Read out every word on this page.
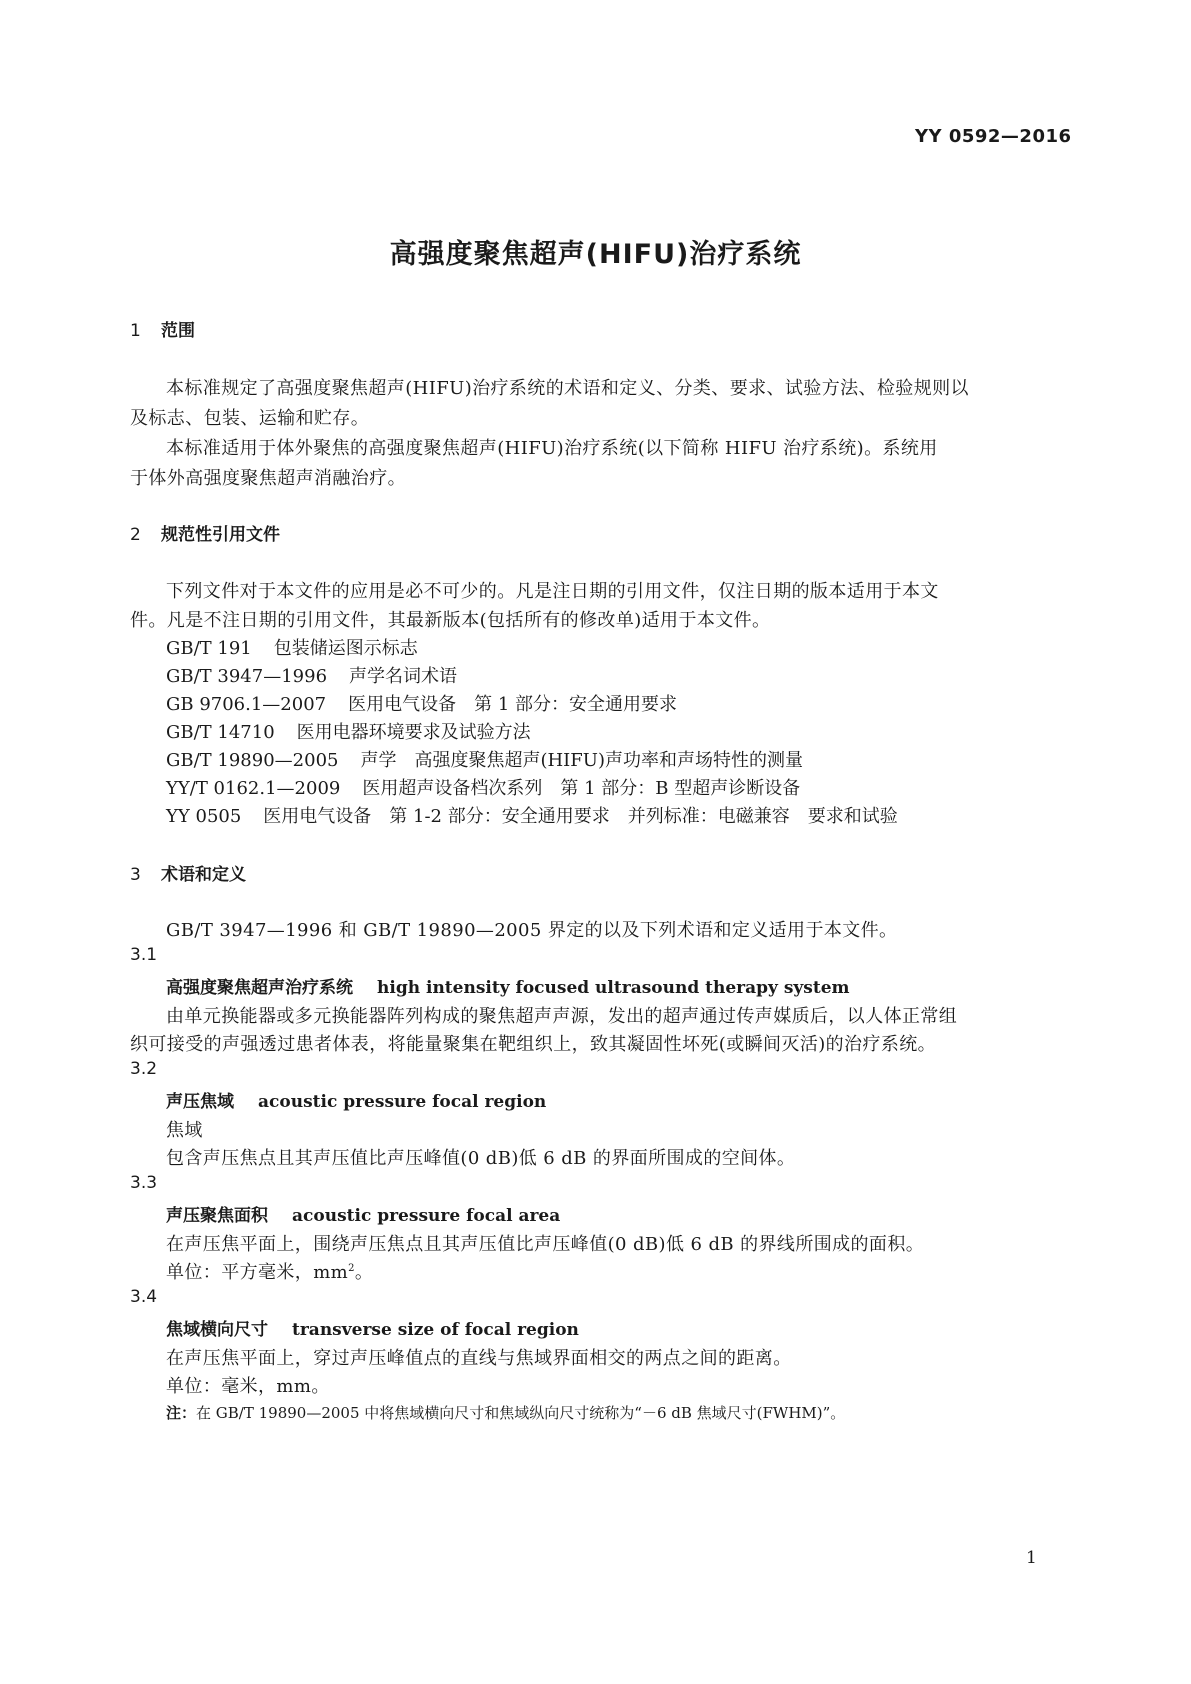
YY 0592—2016
高强度聚焦超声(HIFU)治疗系统
1 范围
本标准规定了高强度聚焦超声(HIFU)治疗系统的术语和定义、分类、要求、试验方法、检验规则以
及标志、包装、运输和贮存。
本标准适用于体外聚焦的高强度聚焦超声(HIFU)治疗系统(以下简称 HIFU 治疗系统)。系统用
于体外高强度聚焦超声消融治疗。
2 规范性引用文件
下列文件对于本文件的应用是必不可少的。凡是注日期的引用文件，仅注日期的版本适用于本文
件。凡是不注日期的引用文件，其最新版本(包括所有的修改单)适用于本文件。
GB/T 191 包装储运图示标志
GB/T 3947—1996 声学名词术语
GB 9706.1—2007 医用电气设备　第 1 部分：安全通用要求
GB/T 14710 医用电器环境要求及试验方法
GB/T 19890—2005 声学　高强度聚焦超声(HIFU)声功率和声场特性的测量
YY/T 0162.1—2009 医用超声设备档次系列　第 1 部分：B 型超声诊断设备
YY 0505 医用电气设备　第 1-2 部分：安全通用要求　并列标准：电磁兼容　要求和试验
3 术语和定义
GB/T 3947—1996 和 GB/T 19890—2005 界定的以及下列术语和定义适用于本文件。
3.1
高强度聚焦超声治疗系统 high intensity focused ultrasound therapy system
由单元换能器或多元换能器阵列构成的聚焦超声声源，发出的超声通过传声媒质后，以人体正常组
织可接受的声强透过患者体表，将能量聚集在靶组织上，致其凝固性坏死(或瞬间灭活)的治疗系统。
3.2
声压焦域 acoustic pressure focal region
焦域
包含声压焦点且其声压值比声压峰值(0 dB)低 6 dB 的界面所围成的空间体。
3.3
声压聚焦面积 acoustic pressure focal area
在声压焦平面上，围绕声压焦点且其声压值比声压峰值(0 dB)低 6 dB 的界线所围成的面积。
单位：平方毫米，$mm^2$。
3.4
焦域横向尺寸 transverse size of focal region
在声压焦平面上，穿过声压峰值点的直线与焦域界面相交的两点之间的距离。
单位：毫米，mm。
注：在 GB/T 19890—2005 中将焦域横向尺寸和焦域纵向尺寸统称为“－6 dB 焦域尺寸(FWHM)”。
1
